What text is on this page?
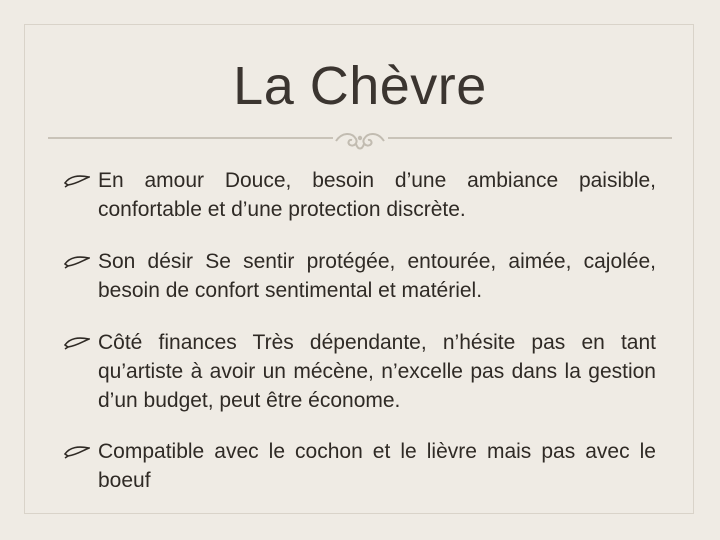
La Chèvre
En amour Douce, besoin d’une ambiance paisible, confortable et d’une protection discrète.
Son désir Se sentir protégée, entourée, aimée, cajolée, besoin de confort sentimental et matériel.
Côté finances Très dépendante, n’hésite pas en tant qu’artiste à avoir un mécène, n’excelle pas dans la gestion d’un budget, peut être économe.
Compatible avec le cochon et le lièvre mais pas avec le boeuf
